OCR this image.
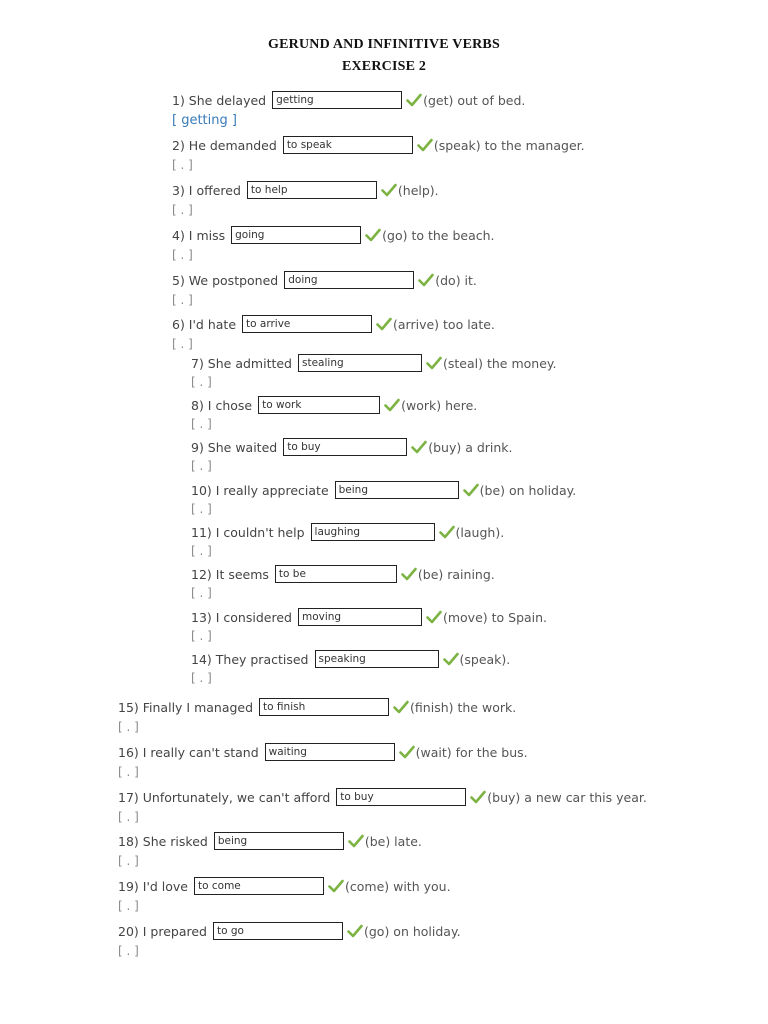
GERUND AND INFINITIVE VERBS
EXERCISE 2
1) She delayed getting	(get) out of bed.
[ getting ]
2) He demanded to speak	(speak) to the manager.
[ . ]
3) I offered to help	(help).
[ . ]
4) I miss going	(go) to the beach.
[ . ]
5) We postponed doing	(do) it.
[ . ]
6) I'd hate to arrive	(arrive) too late.
[ . ]
7) She admitted stealing	(steal) the money.
[ . ]
8) I chose to work	(work) here.
[ . ]
9) She waited to buy	(buy) a drink.
[ . ]
10) I really appreciate being	(be) on holiday.
[ . ]
11) I couldn't help laughing	(laugh).
[ . ]
12) It seems to be	(be) raining.
[ . ]
13) I considered moving	(move) to Spain.
[ . ]
14) They practised speaking	(speak).
[ . ]
15) Finally I managed to finish	(finish) the work.
[ . ]
16) I really can't stand waiting	(wait) for the bus.
[ . ]
17) Unfortunately, we can't afford to buy	(buy) a new car this year.
[ . ]
18) She risked being	(be) late.
[ . ]
19) I'd love to come	(come) with you.
[ . ]
20) I prepared to go	(go) on holiday.
[ . ]
